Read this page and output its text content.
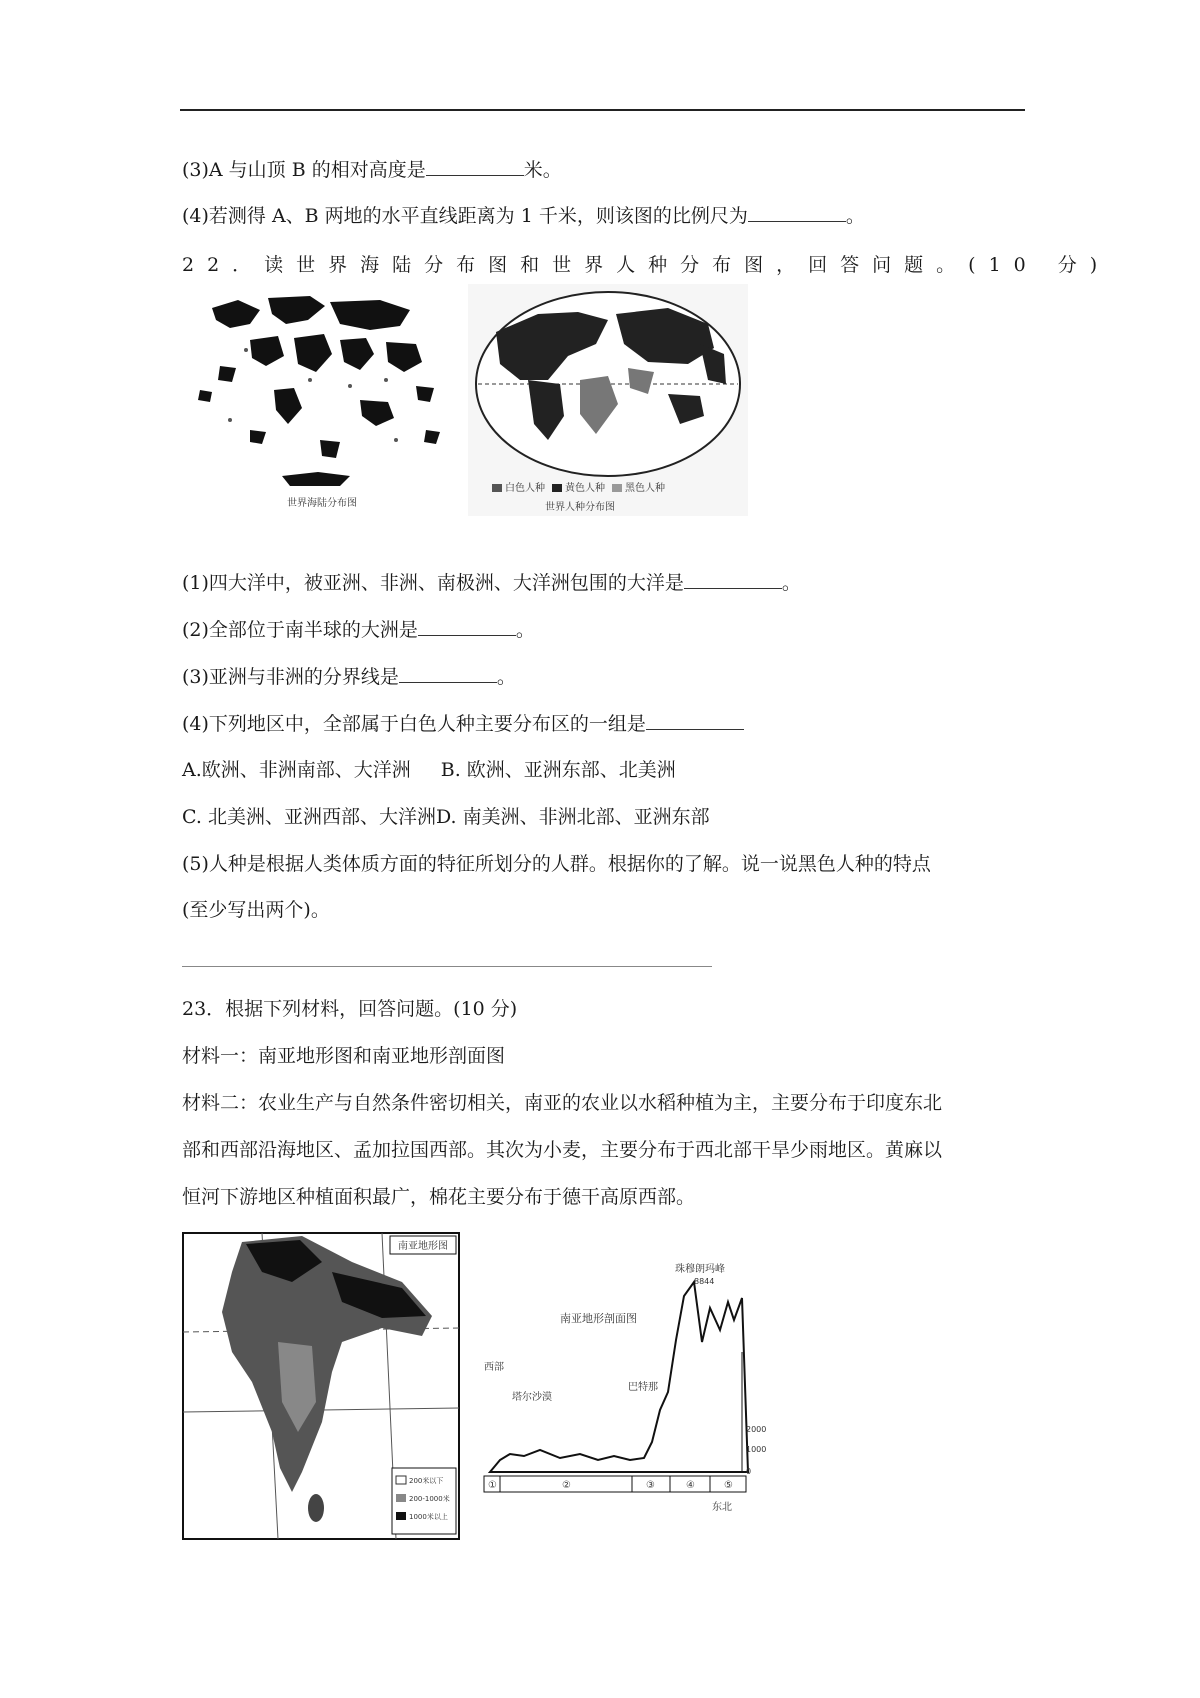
(3)A 与山顶 B 的相对高度是	米。
(4)若测得 A、B 两地的水平直线距离为 1 千米，则该图的比例尺为	。
22．读世界海陆分布图和世界人种分布图，回答问题。(10 分)
世界海陆分布图
白色人种 黄色人种 黑色人种
世界人种分布图
(1)四大洋中，被亚洲、非洲、南极洲、大洋洲包围的大洋是	。
(2)全部位于南半球的大洲是	。
(3)亚洲与非洲的分界线是	。
(4)下列地区中，全部属于白色人种主要分布区的一组是
A.欧洲、非洲南部、大洋洲 B. 欧洲、亚洲东部、北美洲
C. 北美洲、亚洲西部、大洋洲D. 南美洲、非洲北部、亚洲东部
(5)人种是根据人类体质方面的特征所划分的人群。根据你的了解。说一说黑色人种的特点
(至少写出两个)。
23．根据下列材料，回答问题。(10 分)
材料一：南亚地形图和南亚地形剖面图
材料二：农业生产与自然条件密切相关，南亚的农业以水稻种植为主，主要分布于印度东北
部和西部沿海地区、孟加拉国西部。其次为小麦，主要分布于西北部干旱少雨地区。黄麻以
恒河下游地区种植面积最广，棉花主要分布于德干高原西部。
南亚地形图
200米以下
200-1000米
1000米以上
南亚地形剖面图
珠穆朗玛峰
8844
西部
塔尔沙漠
巴特那
2000
1000
0
①	②	③	④	⑤
东北
